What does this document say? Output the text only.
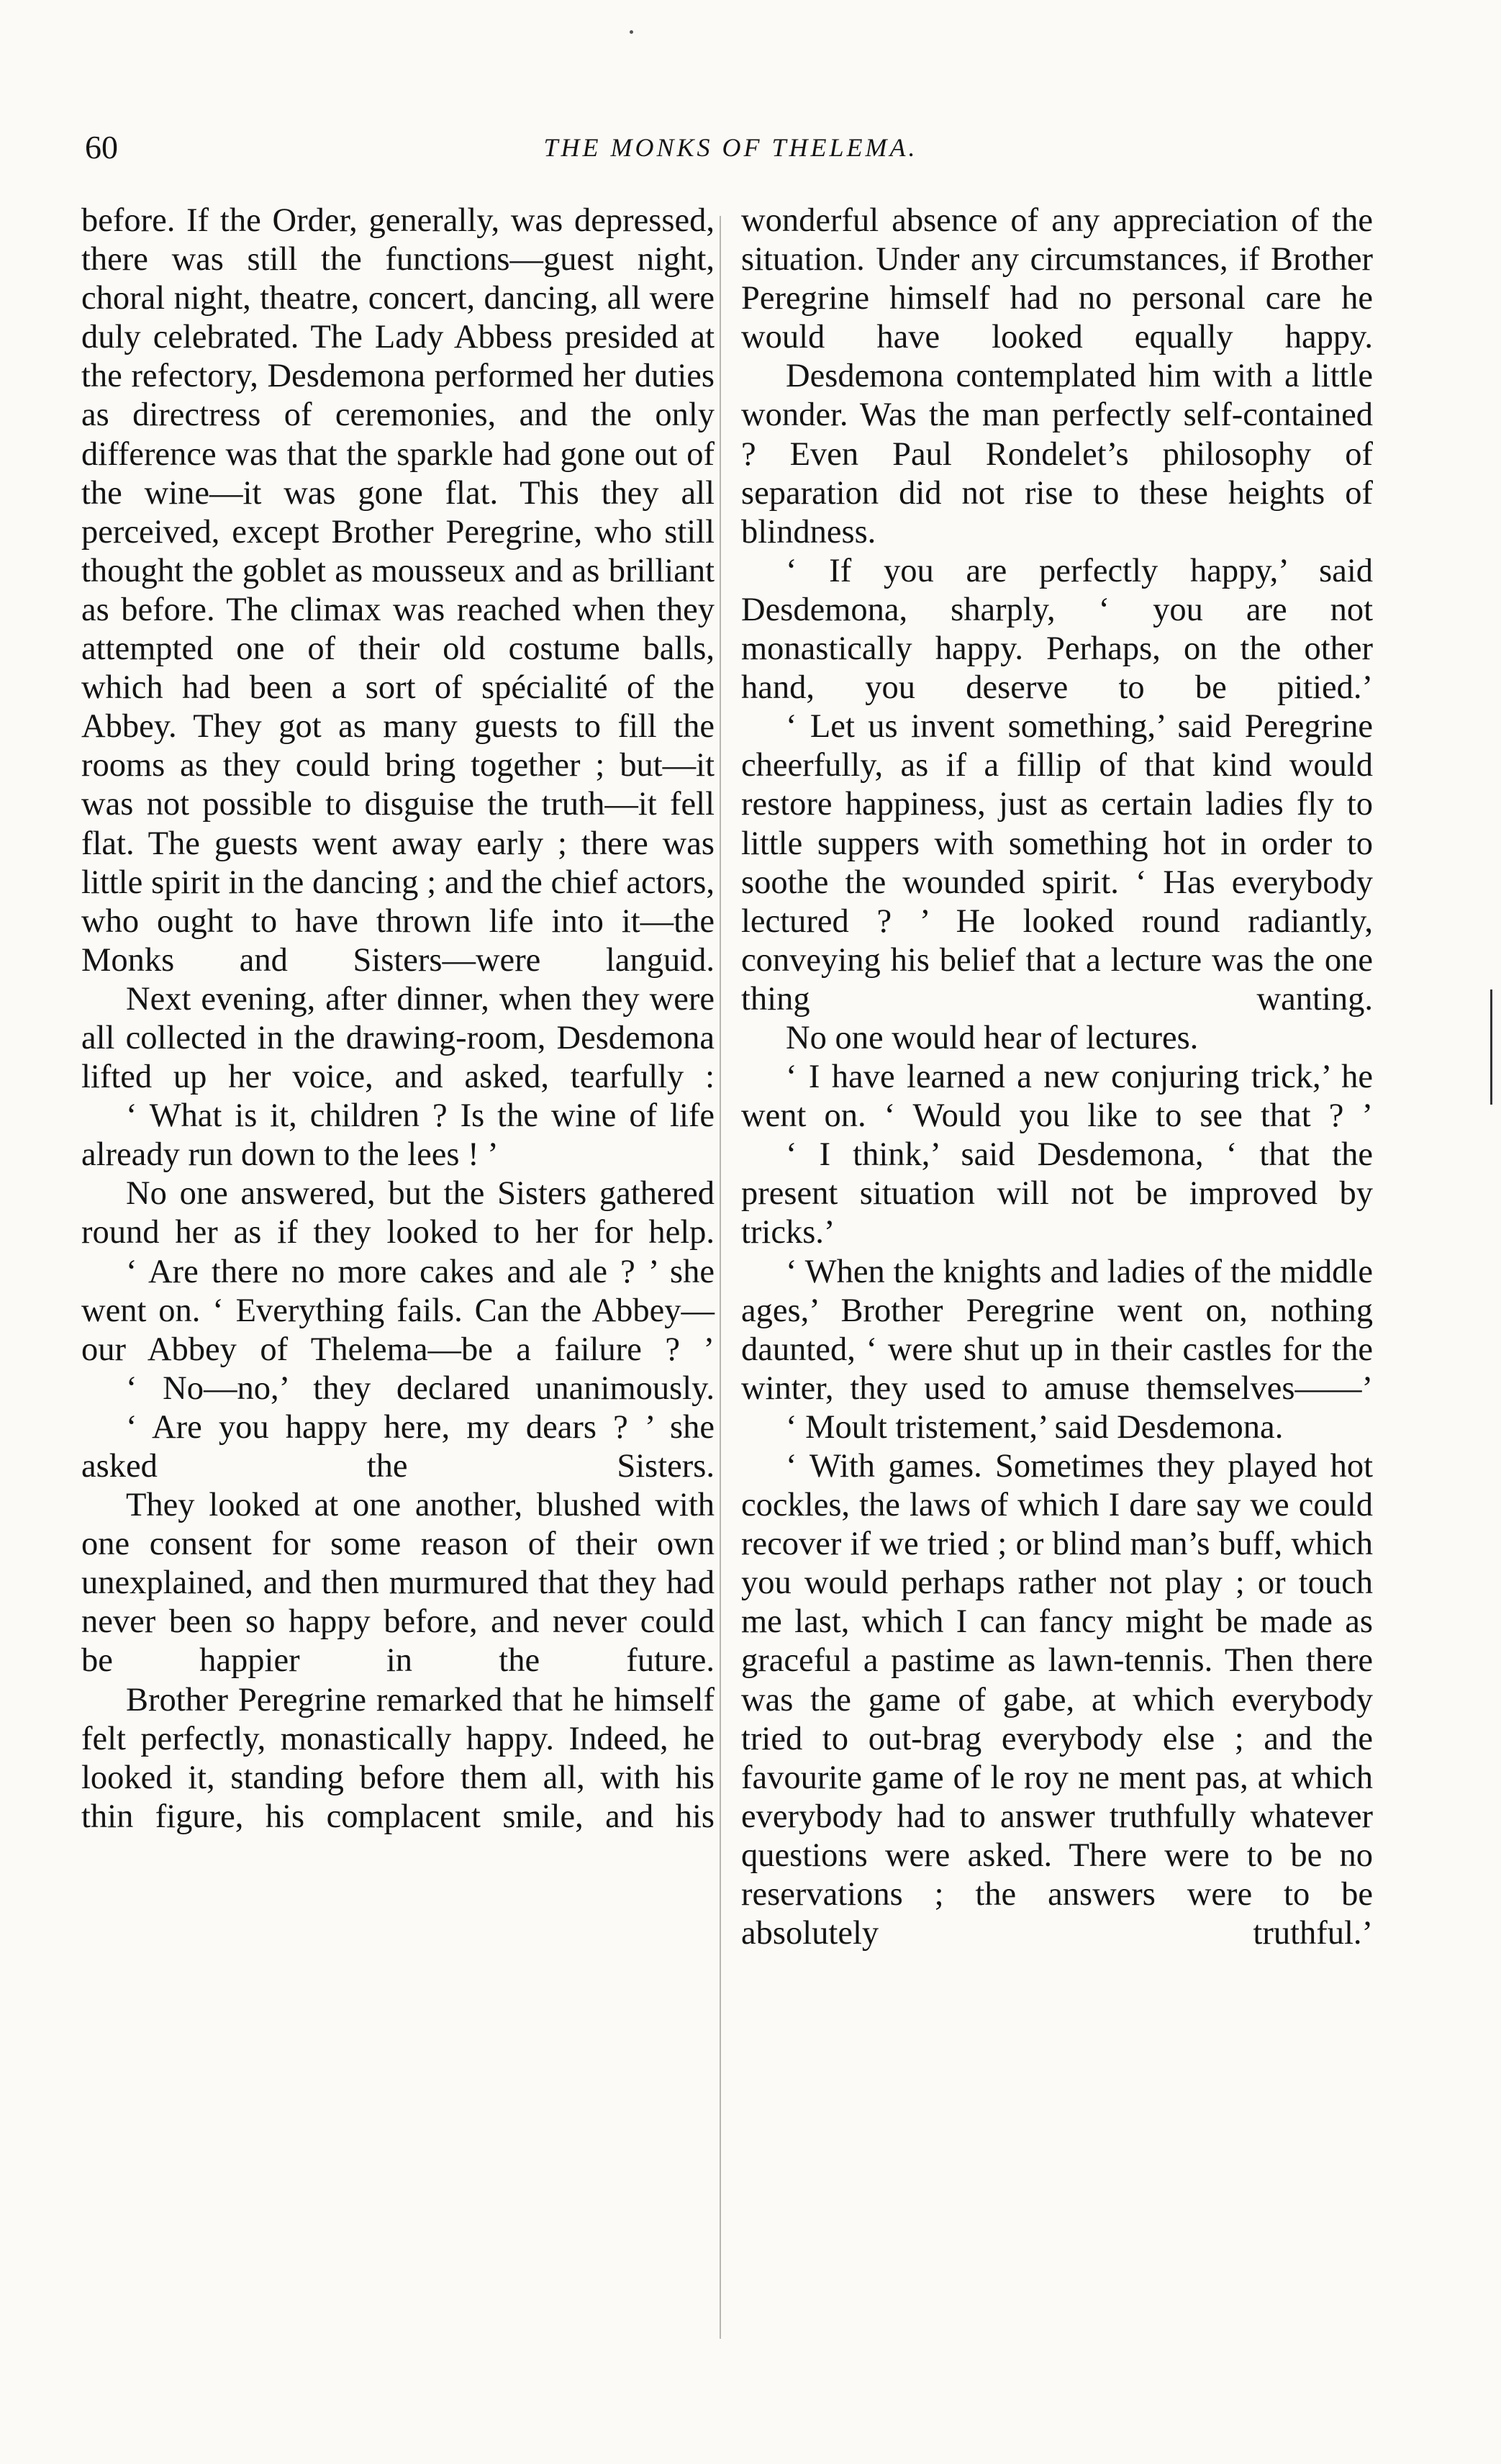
60	THE MONKS OF THELEMA.

before. If the Order, generally, was depressed, there was still the functions—guest night, choral night, theatre, concert, dancing, all were duly celebrated. The Lady Abbess presided at the refectory, Desdemona performed her duties as directress of ceremonies, and the only difference was that the sparkle had gone out of the wine—it was gone flat. This they all perceived, except Brother Peregrine, who still thought the goblet as mousseux and as brilliant as before. The climax was reached when they attempted one of their old costume balls, which had been a sort of spécialité of the Abbey. They got as many guests to fill the rooms as they could bring together ; but—it was not possible to disguise the truth—it fell flat. The guests went away early ; there was little spirit in the dancing ; and the chief actors, who ought to have thrown life into it—the Monks and Sisters—were languid.

Next evening, after dinner, when they were all collected in the drawing-room, Desdemona lifted up her voice, and asked, tearfully :

‘ What is it, children ? Is the wine of life already run down to the lees ! ’

No one answered, but the Sisters gathered round her as if they looked to her for help.

‘ Are there no more cakes and ale ? ’ she went on. ‘ Everything fails. Can the Abbey—our Abbey of Thelema—be a failure ? ’

‘ No—no,’ they declared unanimously.

‘ Are you happy here, my dears ? ’ she asked the Sisters.

They looked at one another, blushed with one consent for some reason of their own unexplained, and then murmured that they had never been so happy before, and never could be happier in the future.

Brother Peregrine remarked that he himself felt perfectly, monastically happy. Indeed, he looked it, standing before them all, with his thin figure, his complacent smile, and his

wonderful absence of any appreciation of the situation. Under any circumstances, if Brother Peregrine himself had no personal care he would have looked equally happy.

Desdemona contemplated him with a little wonder. Was the man perfectly self-contained ? Even Paul Rondelet’s philosophy of separation did not rise to these heights of blindness.

‘ If you are perfectly happy,’ said Desdemona, sharply, ‘ you are not monastically happy. Perhaps, on the other hand, you deserve to be pitied.’

‘ Let us invent something,’ said Peregrine cheerfully, as if a fillip of that kind would restore happiness, just as certain ladies fly to little suppers with something hot in order to soothe the wounded spirit. ‘ Has everybody lectured ? ’ He looked round radiantly, conveying his belief that a lecture was the one thing wanting.

No one would hear of lectures.

‘ I have learned a new conjuring trick,’ he went on. ‘ Would you like to see that ? ’

‘ I think,’ said Desdemona, ‘ that the present situation will not be improved by tricks.’

‘ When the knights and ladies of the middle ages,’ Brother Peregrine went on, nothing daunted, ‘ were shut up in their castles for the winter, they used to amuse themselves——’

‘ Moult tristement,’ said Desdemona.

‘ With games. Sometimes they played hot cockles, the laws of which I dare say we could recover if we tried ; or blind man’s buff, which you would perhaps rather not play ; or touch me last, which I can fancy might be made as graceful a pastime as lawn-tennis. Then there was the game of gabe, at which everybody tried to out-brag everybody else ; and the favourite game of le roy ne ment pas, at which everybody had to answer truthfully whatever questions were asked. There were to be no reservations ; the answers were to be absolutely truthful.’
